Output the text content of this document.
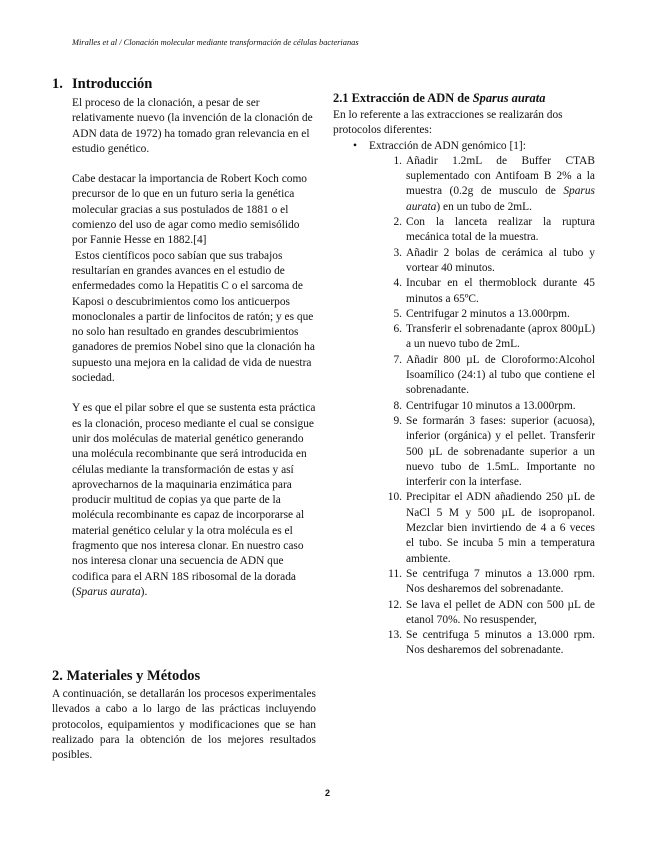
Miralles et al / Clonación molecular mediante transformación de células bacterianas
1. Introducción

El proceso de la clonación, a pesar de ser relativamente nuevo (la invención de la clonación de ADN data de 1972) ha tomado gran relevancia en el estudio genético.

Cabe destacar la importancia de Robert Koch como precursor de lo que en un futuro seria la genética molecular gracias a sus postulados de 1881 o el comienzo del uso de agar como medio semisólido por Fannie Hesse en 1882.[4]

Estos científicos poco sabían que sus trabajos resultarían en grandes avances en el estudio de enfermedades como la Hepatitis C o el sarcoma de Kaposi o descubrimientos como los anticuerpos monoclonales a partir de linfocitos de ratón; y es que no solo han resultado en grandes descubrimientos ganadores de premios Nobel sino que la clonación ha supuesto una mejora en la calidad de vida de nuestra sociedad.

Y es que el pilar sobre el que se sustenta esta práctica es la clonación, proceso mediante el cual se consigue unir dos moléculas de material genético generando una molécula recombinante que será introducida en células mediante la transformación de estas y así aprovecharnos de la maquinaria enzimática para producir multitud de copias ya que parte de la molécula recombinante es capaz de incorporarse al material genético celular y la otra molécula es el fragmento que nos interesa clonar. En nuestro caso nos interesa clonar una secuencia de ADN que codifica para el ARN 18S ribosomal de la dorada (Sparus aurata).

2. Materiales y Métodos

A continuación, se detallarán los procesos experimentales llevados a cabo a lo largo de las prácticas incluyendo protocolos, equipamientos y modificaciones que se han realizado para la obtención de los mejores resultados posibles.

2.1 Extracción de ADN de Sparus aurata

En lo referente a las extracciones se realizarán dos protocolos diferentes:

• Extracción de ADN genómico [1]:
1. Añadir 1.2mL de Buffer CTAB suplementado con Antifoam B 2% a la muestra (0.2g de musculo de Sparus aurata) en un tubo de 2mL.
2. Con la lanceta realizar la ruptura mecánica total de la muestra.
3. Añadir 2 bolas de cerámica al tubo y vortear 40 minutos.
4. Incubar en el thermoblock durante 45 minutos a 65ºC.
5. Centrifugar 2 minutos a 13.000rpm.
6. Transferir el sobrenadante (aprox 800µL) a un nuevo tubo de 2mL.
7. Añadir 800 µL de Cloroformo:Alcohol Isoamílico (24:1) al tubo que contiene el sobrenadante.
8. Centrifugar 10 minutos a 13.000rpm.
9. Se formarán 3 fases: superior (acuosa), inferior (orgánica) y el pellet. Transferir 500 µL de sobrenadante superior a un nuevo tubo de 1.5mL. Importante no interferir con la interfase.
10. Precipitar el ADN añadiendo 250 µL de NaCl 5 M y 500 µL de isopropanol. Mezclar bien invirtiendo de 4 a 6 veces el tubo. Se incuba 5 min a temperatura ambiente.
11. Se centrifuga 7 minutos a 13.000 rpm. Nos desharemos del sobrenadante.
12. Se lava el pellet de ADN con 500 µL de etanol 70%. No resuspender,
13. Se centrifuga 5 minutos a 13.000 rpm. Nos desharemos del sobrenadante.
2
